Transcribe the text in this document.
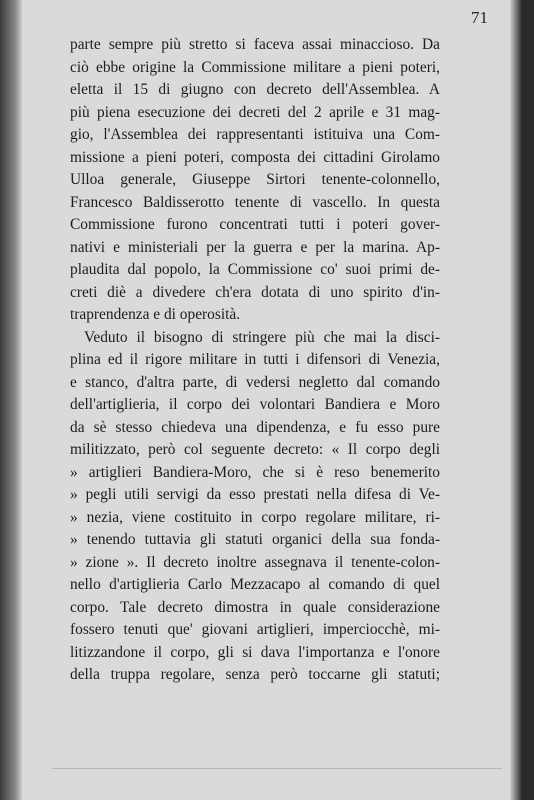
71
parte sempre più stretto si faceva assai minaccioso. Da
ciò ebbe origine la Commissione militare a pieni poteri,
eletta il 15 di giugno con decreto dell'Assemblea. A
più piena esecuzione dei decreti del 2 aprile e 31 mag-
gio, l'Assemblea dei rappresentanti istituiva una Com-
missione a pieni poteri, composta dei cittadini Girolamo
Ulloa generale, Giuseppe Sirtori tenente-colonnello,
Francesco Baldisserotto tenente di vascello. In questa
Commissione furono concentrati tutti i poteri gover-
nativi e ministeriali per la guerra e per la marina. Ap-
plaudita dal popolo, la Commissione co' suoi primi de-
creti diè a divedere ch'era dotata di uno spirito d'in-
traprendenza e di operosità.
Veduto il bisogno di stringere più che mai la disci-
plina ed il rigore militare in tutti i difensori di Venezia,
e stanco, d'altra parte, di vedersi negletto dal comando
dell'artiglieria, il corpo dei volontari Bandiera e Moro
da sè stesso chiedeva una dipendenza, e fu esso pure
militizzato, però col seguente decreto: « Il corpo degli
» artiglieri Bandiera-Moro, che si è reso benemerito
» pegli utili servigi da esso prestati nella difesa di Ve-
» nezia, viene costituito in corpo regolare militare, ri-
» tenendo tuttavia gli statuti organici della sua fonda-
» zione ». Il decreto inoltre assegnava il tenente-colon-
nello d'artiglieria Carlo Mezzacapo al comando di quel
corpo. Tale decreto dimostra in quale considerazione
fossero tenuti que' giovani artiglieri, imperciocchè, mi-
litizzandone il corpo, gli si dava l'importanza e l'onore
della truppa regolare, senza però toccarne gli statuti;
